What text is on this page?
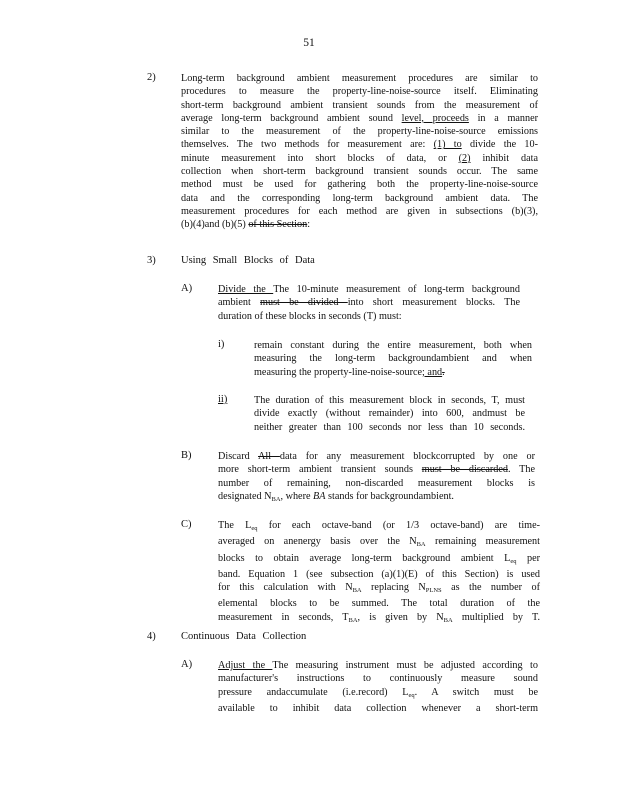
51
2) Long-term background ambient measurement procedures are similar to
procedures to measure the property-line-noise-source itself. Eliminating
short-term background ambient transient sounds from the measurement of
average long-term background ambient sound level, proceeds in a manner
similar to the measurement of the property-line-noise-source emissions
themselves. The two methods for measurement are: (1) to divide the 10-
minute measurement into short blocks of data, or (2) inhibit data
collection when short-term background transient sounds occur. The same
method must be used for gathering both the property-line-noise-source
data and the corresponding long-term background ambient data. The
measurement procedures for each method are given in subsections (b)(3),
(b)(4)and (b)(5) of this Section:
3) Using Small Blocks of Data
A)	Divide the The 10-minute measurement of long-term background
ambient must be divided into short measurement blocks. The
duration of these blocks in seconds (T) must:
i)	remain constant during the entire measurement, both when
measuring the long-term backgroundambient and when
measuring the property-line-noise-source; and.
ii)	The duration of this measurement block in seconds, T, must
divide exactly (without remainder) into 600, andmust be
neither greater than 100 seconds nor less than 10 seconds.
B)	Discard All data for any measurement blockcorrupted by one or
more short-term ambient transient sounds must be discarded. The
number of remaining, non-discarded measurement blocks is
designated $N_{BA}$, where BA stands for backgroundambient.
C)	The $L_{eq}$ for each octave-band (or 1/3 octave-band) are time-
averaged on anenergy basis over the $N_{BA}$ remaining measurement
blocks to obtain average long-term background ambient $L_{eq}$ per
band. Equation 1 (see subsection (a)(1)(E) of this Section) is used
for this calculation with $N_{BA}$ replacing $N_{PLNS}$ as the number of
elemental blocks to be summed. The total duration of the
measurement in seconds, $T_{BA}$, is given by $N_{BA}$ multiplied by T.
4) Continuous Data Collection
A)	Adjust the The measuring instrument must be adjusted according to
manufacturer's instructions to continuously measure sound
pressure andaccumulate (i.e.record) $L_{eq}$. A switch must be
available to inhibit data collection whenever a short-term
